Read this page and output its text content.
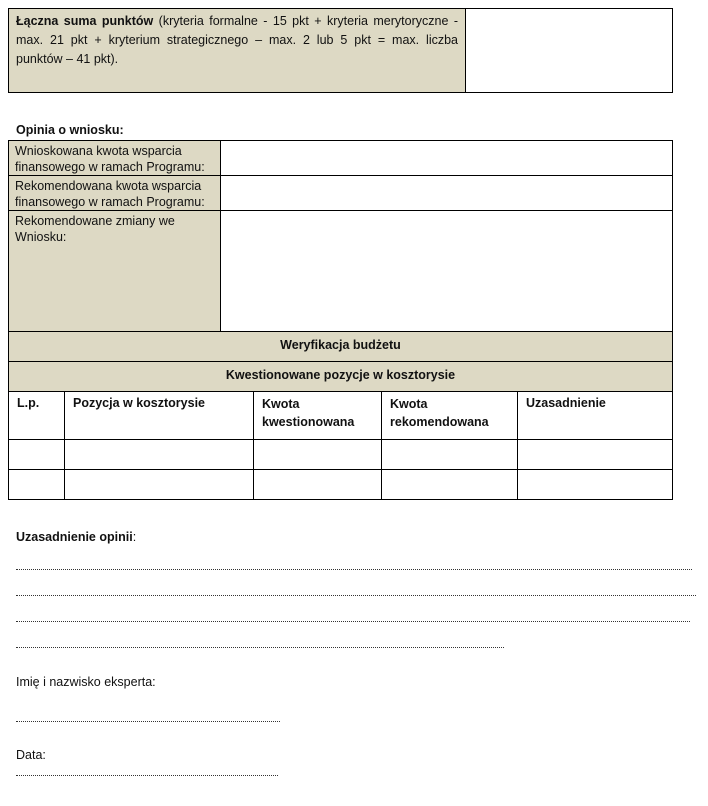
Łączna suma punktów (kryteria formalne - 15 pkt + kryteria merytoryczne - max. 21 pkt + kryterium strategicznego – max. 2 lub 5 pkt = max. liczba punktów – 41 pkt).
Opinia o wniosku:
Wnioskowana kwota wsparcia finansowego w ramach Programu:
Rekomendowana kwota wsparcia finansowego w ramach Programu:
Rekomendowane zmiany we Wniosku:
Weryfikacja budżetu
Kwestionowane pozycje w kosztorysie
L.p.	Pozycja w kosztorysie	Kwota kwestionowana
Kwota rekomendowana
Uzasadnienie
Uzasadnienie opinii:
Imię i nazwisko eksperta:
Data:
